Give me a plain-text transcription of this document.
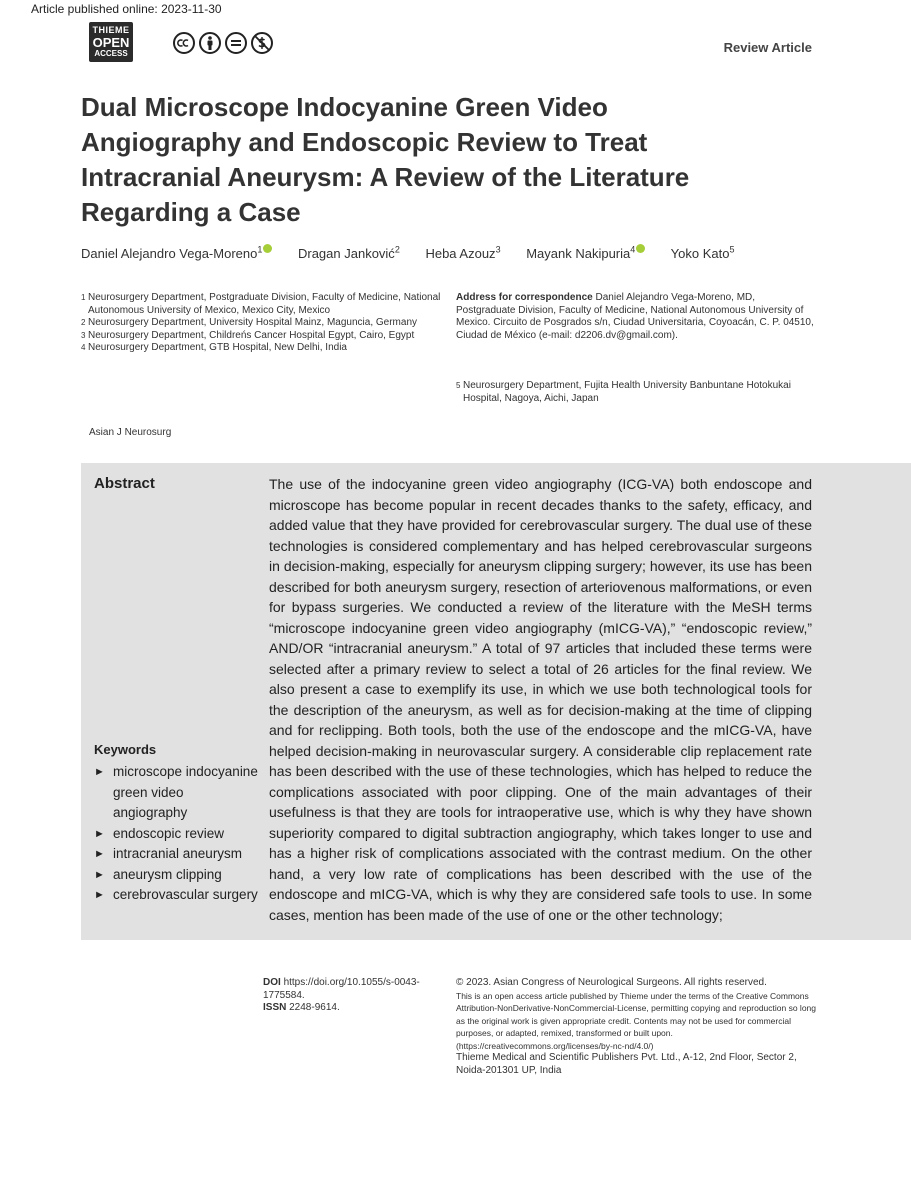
Article published online: 2023-11-30
THIEME
OPEN
ACCESS	Review Article
Dual Microscope Indocyanine Green Video Angiography and Endoscopic Review to Treat Intracranial Aneurysm: A Review of the Literature Regarding a Case
Daniel Alejandro Vega-Moreno$^1$	Dragan Janković$^2$ Heba Azouz$^3$ Mayank Nakipuria$^4$	Yoko Kato$^5$
1 Neurosurgery Department, Postgraduate Division, Faculty of Medicine, National Autonomous University of Mexico, Mexico City, Mexico
2 Neurosurgery Department, University Hospital Mainz, Maguncia, Germany
3 Neurosurgery Department, Childreńs Cancer Hospital Egypt, Cairo, Egypt
4 Neurosurgery Department, GTB Hospital, New Delhi, India
Asian J Neurosurg
Address for correspondence Daniel Alejandro Vega-Moreno, MD, Postgraduate Division, Faculty of Medicine, National Autonomous University of Mexico. Circuito de Posgrados s/n, Ciudad Universitaria, Coyoacán, C. P. 04510, Ciudad de México (e-mail: d2206.dv@gmail.com).
5 Neurosurgery Department, Fujita Health University Banbuntane Hotokukai Hospital, Nagoya, Aichi, Japan
Abstract	The use of the indocyanine green video angiography (ICG-VA) both endoscope and microscope has become popular in recent decades thanks to the safety, efficacy, and added value that they have provided for cerebrovascular surgery. The dual use of these technologies is considered complementary and has helped cerebrovascular surgeons in decision-making, especially for aneurysm clipping surgery; however, its use has been described for both aneurysm surgery, resection of arteriovenous malformations, or even for bypass surgeries. We conducted a review of the literature with the MeSH terms “microscope indocyanine green video angiography (mICG-VA),” “endoscopic review,” AND/OR “intracranial aneurysm.” A total of 97 articles that included these terms were selected after a primary review to select a total of 26 articles for the final review. We also present a case to exemplify its use, in which we use both technological tools for the description of the aneurysm, as well as for decision-making at the time of clipping and for reclipping. Both tools, both the use of the endoscope and the mICG-VA, have helped decision-making in neurovascular surgery. A considerable clip replacement rate has been described with the use of these technologies, which has helped to reduce the complications associated with poor clipping. One of the main advantages of their usefulness is that they are tools for intraoperative use, which is why they have shown superiority compared to digital subtraction angiography, which takes longer to use and has a higher risk of complications associated with the contrast medium. On the other hand, a very low rate of complications has been described with the use of the endoscope and mICG-VA, which is why they are considered safe tools to use. In some cases, mention has been made of the use of one or the other technology;

Keywords
► microscope indocyanine green video angiography
► endoscopic review
► intracranial aneurysm
► aneurysm clipping
► cerebrovascular surgery
DOI https://doi.org/10.1055/s-0043-1775584.
ISSN 2248-9614.
© 2023. Asian Congress of Neurological Surgeons. All rights reserved.
This is an open access article published by Thieme under the terms of the Creative Commons Attribution-NonDerivative-NonCommercial-License, permitting copying and reproduction so long as the original work is given appropriate credit. Contents may not be used for commercial purposes, or adapted, remixed, transformed or built upon. (https://creativecommons.org/licenses/by-nc-nd/4.0/)
Thieme Medical and Scientific Publishers Pvt. Ltd., A-12, 2nd Floor, Sector 2, Noida-201301 UP, India
